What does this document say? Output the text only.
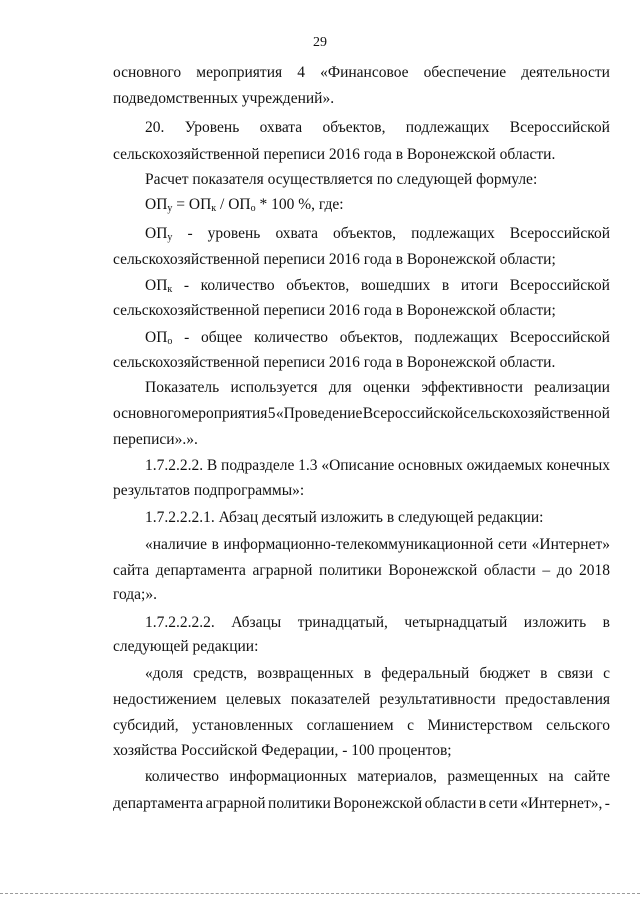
29

основного мероприятия 4 «Финансовое обеспечение деятельности

подведомственных учреждений».

20. Уровень охвата объектов, подлежащих Всероссийской

сельскохозяйственной переписи 2016 года в Воронежской области.

Расчет показателя осуществляется по следующей формуле:

$ОП_у = ОП_к / ОП_о * 100$ %, где:

$ОП_у$ - уровень охвата объектов, подлежащих Всероссийской

сельскохозяйственной переписи 2016 года в Воронежской области;

$ОП_к$ - количество объектов, вошедших в итоги Всероссийской

сельскохозяйственной переписи 2016 года в Воронежской области;

$ОП_о$ - общее количество объектов, подлежащих Всероссийской

сельскохозяйственной переписи 2016 года в Воронежской области.

Показатель используется для оценки эффективности реализации

основного мероприятия 5 «Проведение Всероссийской сельскохозяйственной

переписи».».

1.7.2.2.2. В подразделе 1.3 «Описание основных ожидаемых конечных

результатов подпрограммы»:

1.7.2.2.2.1. Абзац десятый изложить в следующей редакции:

«наличие в информационно-телекоммуникационной сети «Интернет»

сайта департамента аграрной политики Воронежской области – до 2018

года;».

1.7.2.2.2.2. Абзацы тринадцатый, четырнадцатый изложить в

следующей редакции:

«доля средств, возвращенных в федеральный бюджет в связи с

недостижением целевых показателей результативности предоставления

субсидий, установленных соглашением с Министерством сельского

хозяйства Российской Федерации, - 100 процентов;

количество информационных материалов, размещенных на сайте

департамента аграрной политики Воронежской области в сети «Интернет», -
